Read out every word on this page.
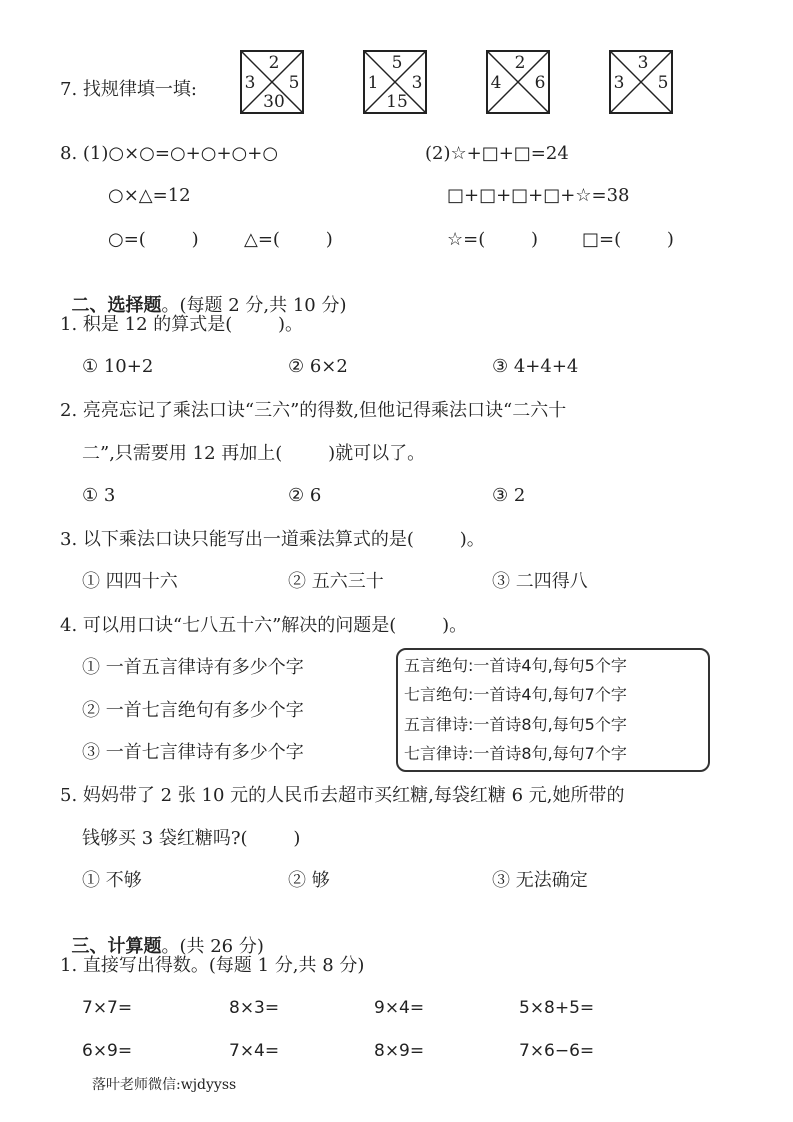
7. 找规律填一填:
2
3	5
30
5
1	3
15
2
4	6
3
3	5
8. (1)○×○=○+○+○+○	(2)☆+□+□=24
○×△=12	□+□+□+□+☆=38
○=(        )	△=(        )	☆=(        ) □=(        )

二、选择题。(每题 2 分,共 10 分)

1. 积是 12 的算式是(        )。
① 10+2	② 6×2	③ 4+4+4
2. 亮亮忘记了乘法口诀“三六”的得数,但他记得乘法口诀“二六十
二”,只需要用 12 再加上(        )就可以了。
① 3	② 6	③ 2
3. 以下乘法口诀只能写出一道乘法算式的是(        )。
① 四四十六	② 五六三十	③ 二四得八
4. 可以用口诀“七八五十六”解决的问题是(        )。
① 一首五言律诗有多少个字
② 一首七言绝句有多少个字
③ 一首七言律诗有多少个字
五言绝句:一首诗4句,每句5个字
七言绝句:一首诗4句,每句7个字
五言律诗:一首诗8句,每句5个字
七言律诗:一首诗8句,每句7个字
5. 妈妈带了 2 张 10 元的人民币去超市买红糖,每袋红糖 6 元,她所带的
钱够买 3 袋红糖吗?(        )
① 不够	② 够	③ 无法确定

三、计算题。(共 26 分)

1. 直接写出得数。(每题 1 分,共 8 分)
7×7=	8×3=	9×4=	5×8+5=
6×9=	7×4=	8×9=	7×6−6=
落叶老师微信:wjdyyss
